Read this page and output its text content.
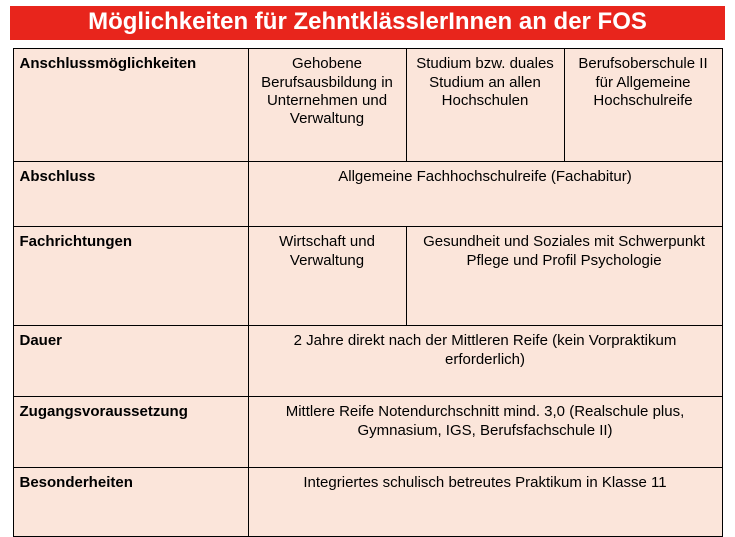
Möglichkeiten für ZehntklässlerInnen an der FOS
Anschlussmöglichkeiten	Gehobene Berufsausbildung in Unternehmen und Verwaltung	Studium bzw. duales Studium an allen Hochschulen	Berufsoberschule II für Allgemeine Hochschulreife
Abschluss	Allgemeine Fachhochschulreife (Fachabitur)		
Fachrichtungen	Wirtschaft und Verwaltung	Gesundheit und Soziales mit Schwerpunkt Pflege und Profil Psychologie	
Dauer	2 Jahre direkt nach der Mittleren Reife (kein Vorpraktikum erforderlich)		
Zugangsvoraussetzung	Mittlere Reife Notendurchschnitt mind. 3,0 (Realschule plus, Gymnasium, IGS, Berufsfachschule II)		
Besonderheiten	Integriertes schulisch betreutes Praktikum in Klasse 11		
